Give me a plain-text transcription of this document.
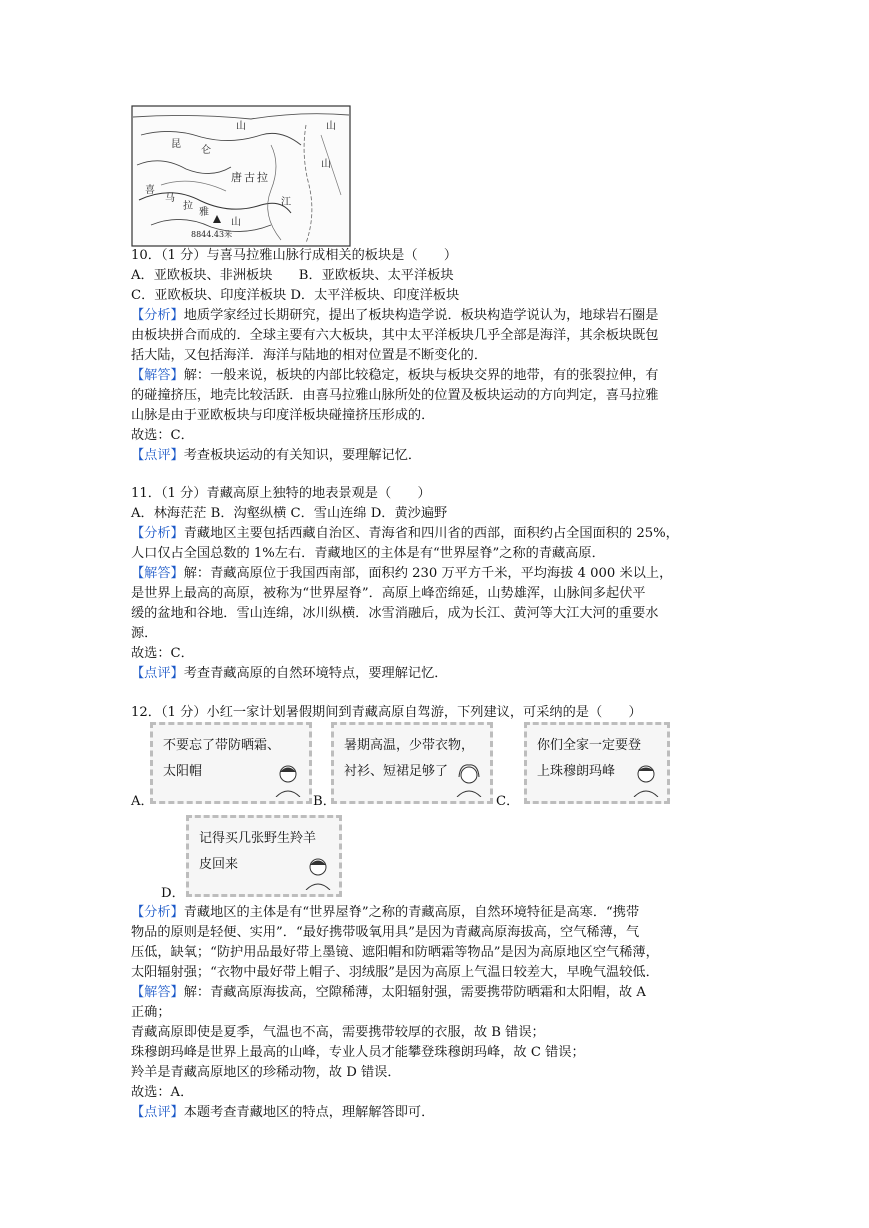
山	山
昆
仑
唐 古 拉
喜
马
拉
雅
山
山
江
8844.43米
10．（1 分）与喜马拉雅山脉行成相关的板块是（　　）
A．亚欧板块、非洲板块　　B．亚欧板块、太平洋板块
C．亚欧板块、印度洋板块 D．太平洋板块、印度洋板块
【分析】地质学家经过长期研究，提出了板块构造学说．板块构造学说认为，地球岩石圈是
由板块拼合而成的．全球主要有六大板块，其中太平洋板块几乎全部是海洋，其余板块既包
括大陆，又包括海洋．海洋与陆地的相对位置是不断变化的．
【解答】解：一般来说，板块的内部比较稳定，板块与板块交界的地带，有的张裂拉伸，有
的碰撞挤压，地壳比较活跃．由喜马拉雅山脉所处的位置及板块运动的方向判定，喜马拉雅
山脉是由于亚欧板块与印度洋板块碰撞挤压形成的．
故选：C．
【点评】考查板块运动的有关知识，要理解记忆．
11．（1 分）青藏高原上独特的地表景观是（　　）
A．林海茫茫 B．沟壑纵横 C．雪山连绵 D．黄沙遍野
【分析】青藏地区主要包括西藏自治区、青海省和四川省的西部，面积约占全国面积的 25%，
人口仅占全国总数的 1%左右．青藏地区的主体是有“世界屋脊”之称的青藏高原．
【解答】解：青藏高原位于我国西南部，面积约 230 万平方千米，平均海拔 4 000 米以上，
是世界上最高的高原，被称为“世界屋脊”．高原上峰峦绵延，山势雄浑，山脉间多起伏平
缓的盆地和谷地．雪山连绵，冰川纵横．冰雪消融后，成为长江、黄河等大江大河的重要水
源．
故选：C．
【点评】考查青藏高原的自然环境特点，要理解记忆．
12．（1 分）小红一家计划暑假期间到青藏高原自驾游，下列建议，可采纳的是（　　）
不要忘了带防晒霜、
太阳帽
暑期高温，少带衣物，
衬衫、短裙足够了
你们全家一定要登
上珠穆朗玛峰
A．	B．	C．
记得买几张野生羚羊
皮回来
D．
【分析】青藏地区的主体是有“世界屋脊”之称的青藏高原，自然环境特征是高寒．“携带
物品的原则是轻便、实用”．“最好携带吸氧用具”是因为青藏高原海拔高，空气稀薄，气
压低，缺氧；“防护用品最好带上墨镜、遮阳帽和防晒霜等物品”是因为高原地区空气稀薄，
太阳辐射强；“衣物中最好带上帽子、羽绒服”是因为高原上气温日较差大，早晚气温较低．
【解答】解：青藏高原海拔高，空隙稀薄，太阳辐射强，需要携带防晒霜和太阳帽，故 A
正确；
青藏高原即使是夏季，气温也不高，需要携带较厚的衣服，故 B 错误；
珠穆朗玛峰是世界上最高的山峰，专业人员才能攀登珠穆朗玛峰，故 C 错误；
羚羊是青藏高原地区的珍稀动物，故 D 错误．
故选：A．
【点评】本题考查青藏地区的特点，理解解答即可．
